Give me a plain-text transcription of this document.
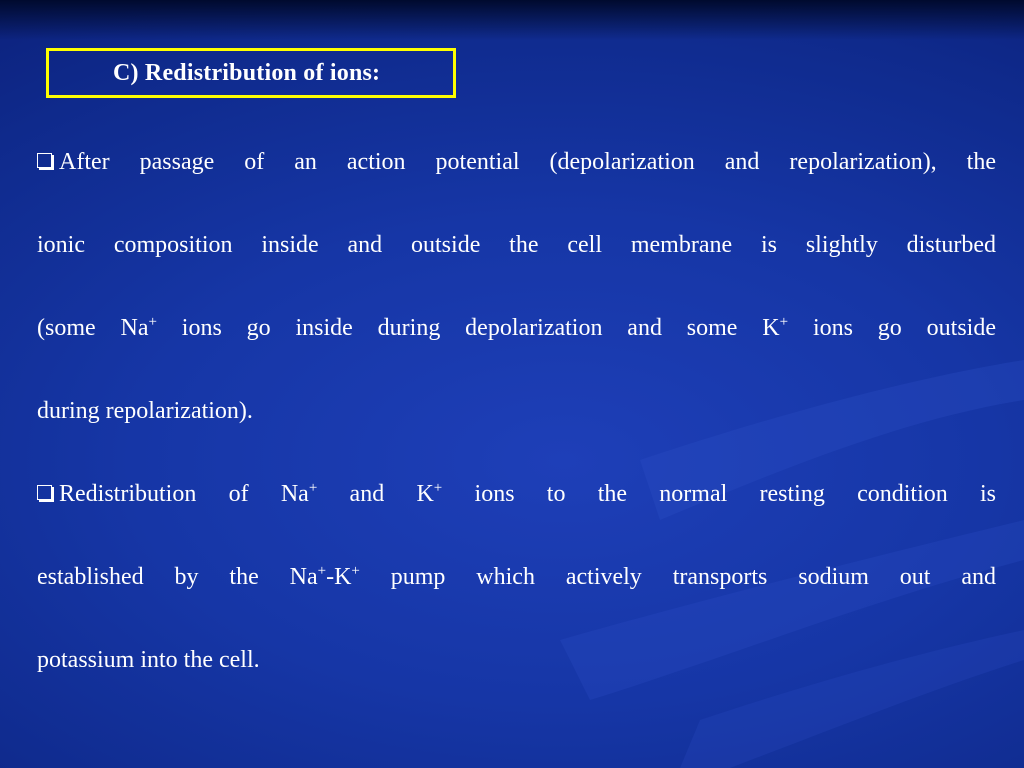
C) Redistribution of ions:
After passage of an action potential (depolarization and repolarization), the
ionic composition inside and outside the cell membrane is slightly disturbed
(some Na+ ions go inside during depolarization and some K+ ions go outside
during repolarization).
Redistribution of Na+ and K+ ions to the normal resting condition is
established by the Na+-K+ pump which actively transports sodium out and
potassium into the cell.
